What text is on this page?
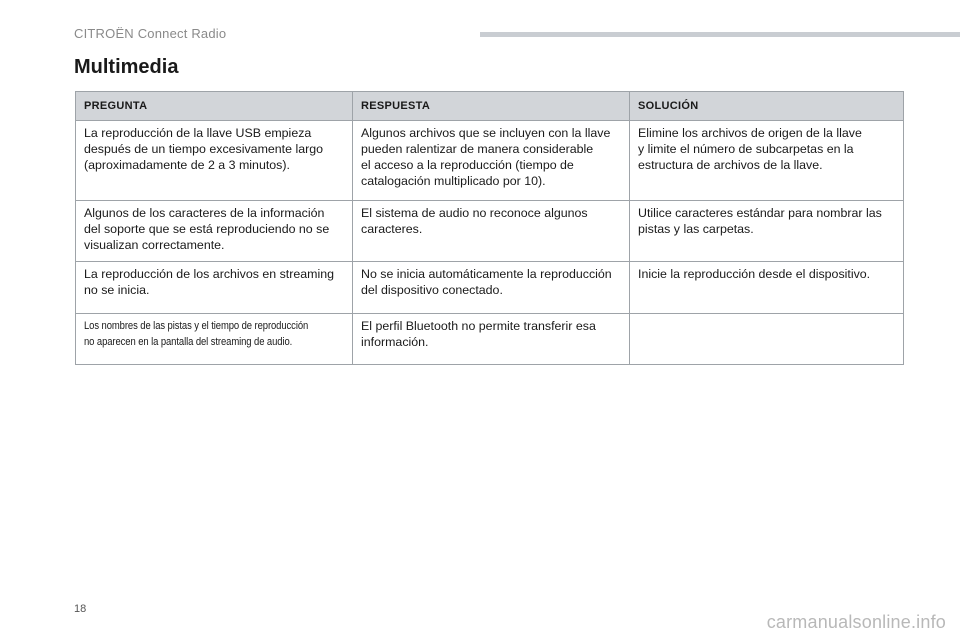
CITROËN Connect Radio
Multimedia
PREGUNTA	RESPUESTA	SOLUCIÓN

La reproducción de la llave USB empieza
después de un tiempo excesivamente largo
(aproximadamente de 2 a 3 minutos).	Algunos archivos que se incluyen con la llave
pueden ralentizar de manera considerable
el acceso a la reproducción (tiempo de
catalogación multiplicado por 10).	Elimine los archivos de origen de la llave
y limite el número de subcarpetas en la
estructura de archivos de la llave.

Algunos de los caracteres de la información
del soporte que se está reproduciendo no se
visualizan correctamente.	El sistema de audio no reconoce algunos
caracteres.	Utilice caracteres estándar para nombrar las
pistas y las carpetas.

La reproducción de los archivos en streaming
no se inicia.	No se inicia automáticamente la reproducción
del dispositivo conectado.	Inicie la reproducción desde el dispositivo.

Los nombres de las pistas y el tiempo de reproducción
no aparecen en la pantalla del streaming de audio.	El perfil Bluetooth no permite transferir esa
información.	

18
carmanualsonline.info
